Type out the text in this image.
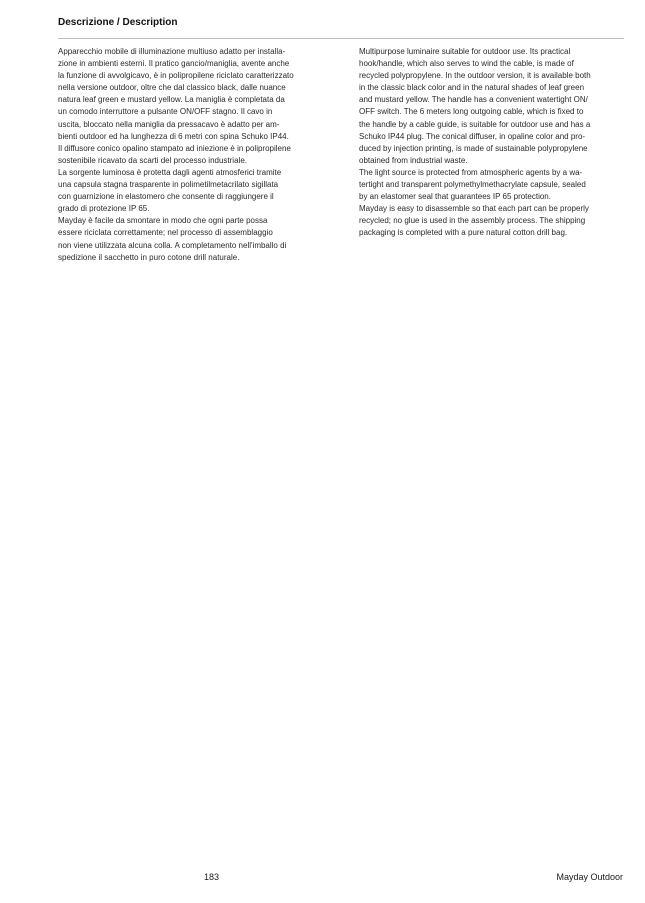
Descrizione / Description
Apparecchio mobile di illuminazione multiuso adatto per installa-
zione in ambienti esterni. Il pratico gancio/maniglia, avente anche
la funzione di avvolgicavo, è in polipropilene riciclato caratterizzato
nella versione outdoor, oltre che dal classico black, dalle nuance
natura leaf green e mustard yellow. La maniglia è completata da
un comodo interruttore a pulsante ON/OFF stagno. Il cavo in
uscita, bloccato nella maniglia da pressacavo è adatto per am-
bienti outdoor ed ha lunghezza di 6 metri con spina Schuko IP44.
Il diffusore conico opalino stampato ad iniezione è in polipropilene
sostenibile ricavato da scarti del processo industriale.
La sorgente luminosa è protetta dagli agenti atmosferici tramite
una capsula stagna trasparente in polimetilmetacrilato sigillata
con guarnizione in elastomero che consente di raggiungere il
grado di protezione IP 65.
Mayday è facile da smontare in modo che ogni parte possa
essere riciclata correttamente; nel processo di assemblaggio
non viene utilizzata alcuna colla. A completamento nell'imballo di
spedizione il sacchetto in puro cotone drill naturale.
Multipurpose luminaire suitable for outdoor use. Its practical
hook/handle, which also serves to wind the cable, is made of
recycled polypropylene. In the outdoor version, it is available both
in the classic black color and in the natural shades of leaf green
and mustard yellow. The handle has a convenient watertight ON/
OFF switch. The 6 meters long outgoing cable, which is fixed to
the handle by a cable guide, is suitable for outdoor use and has a
Schuko IP44 plug. The conical diffuser, in opaline color and pro-
duced by injection printing, is made of sustainable polypropylene
obtained from industrial waste.
The light source is protected from atmospheric agents by a wa-
tertight and transparent polymethylmethacrylate capsule, sealed
by an elastomer seal that guarantees IP 65 protection.
Mayday is easy to disassemble so that each part can be properly
recycled; no glue is used in the assembly process. The shipping
packaging is completed with a pure natural cotton drill bag.
183	Mayday Outdoor
